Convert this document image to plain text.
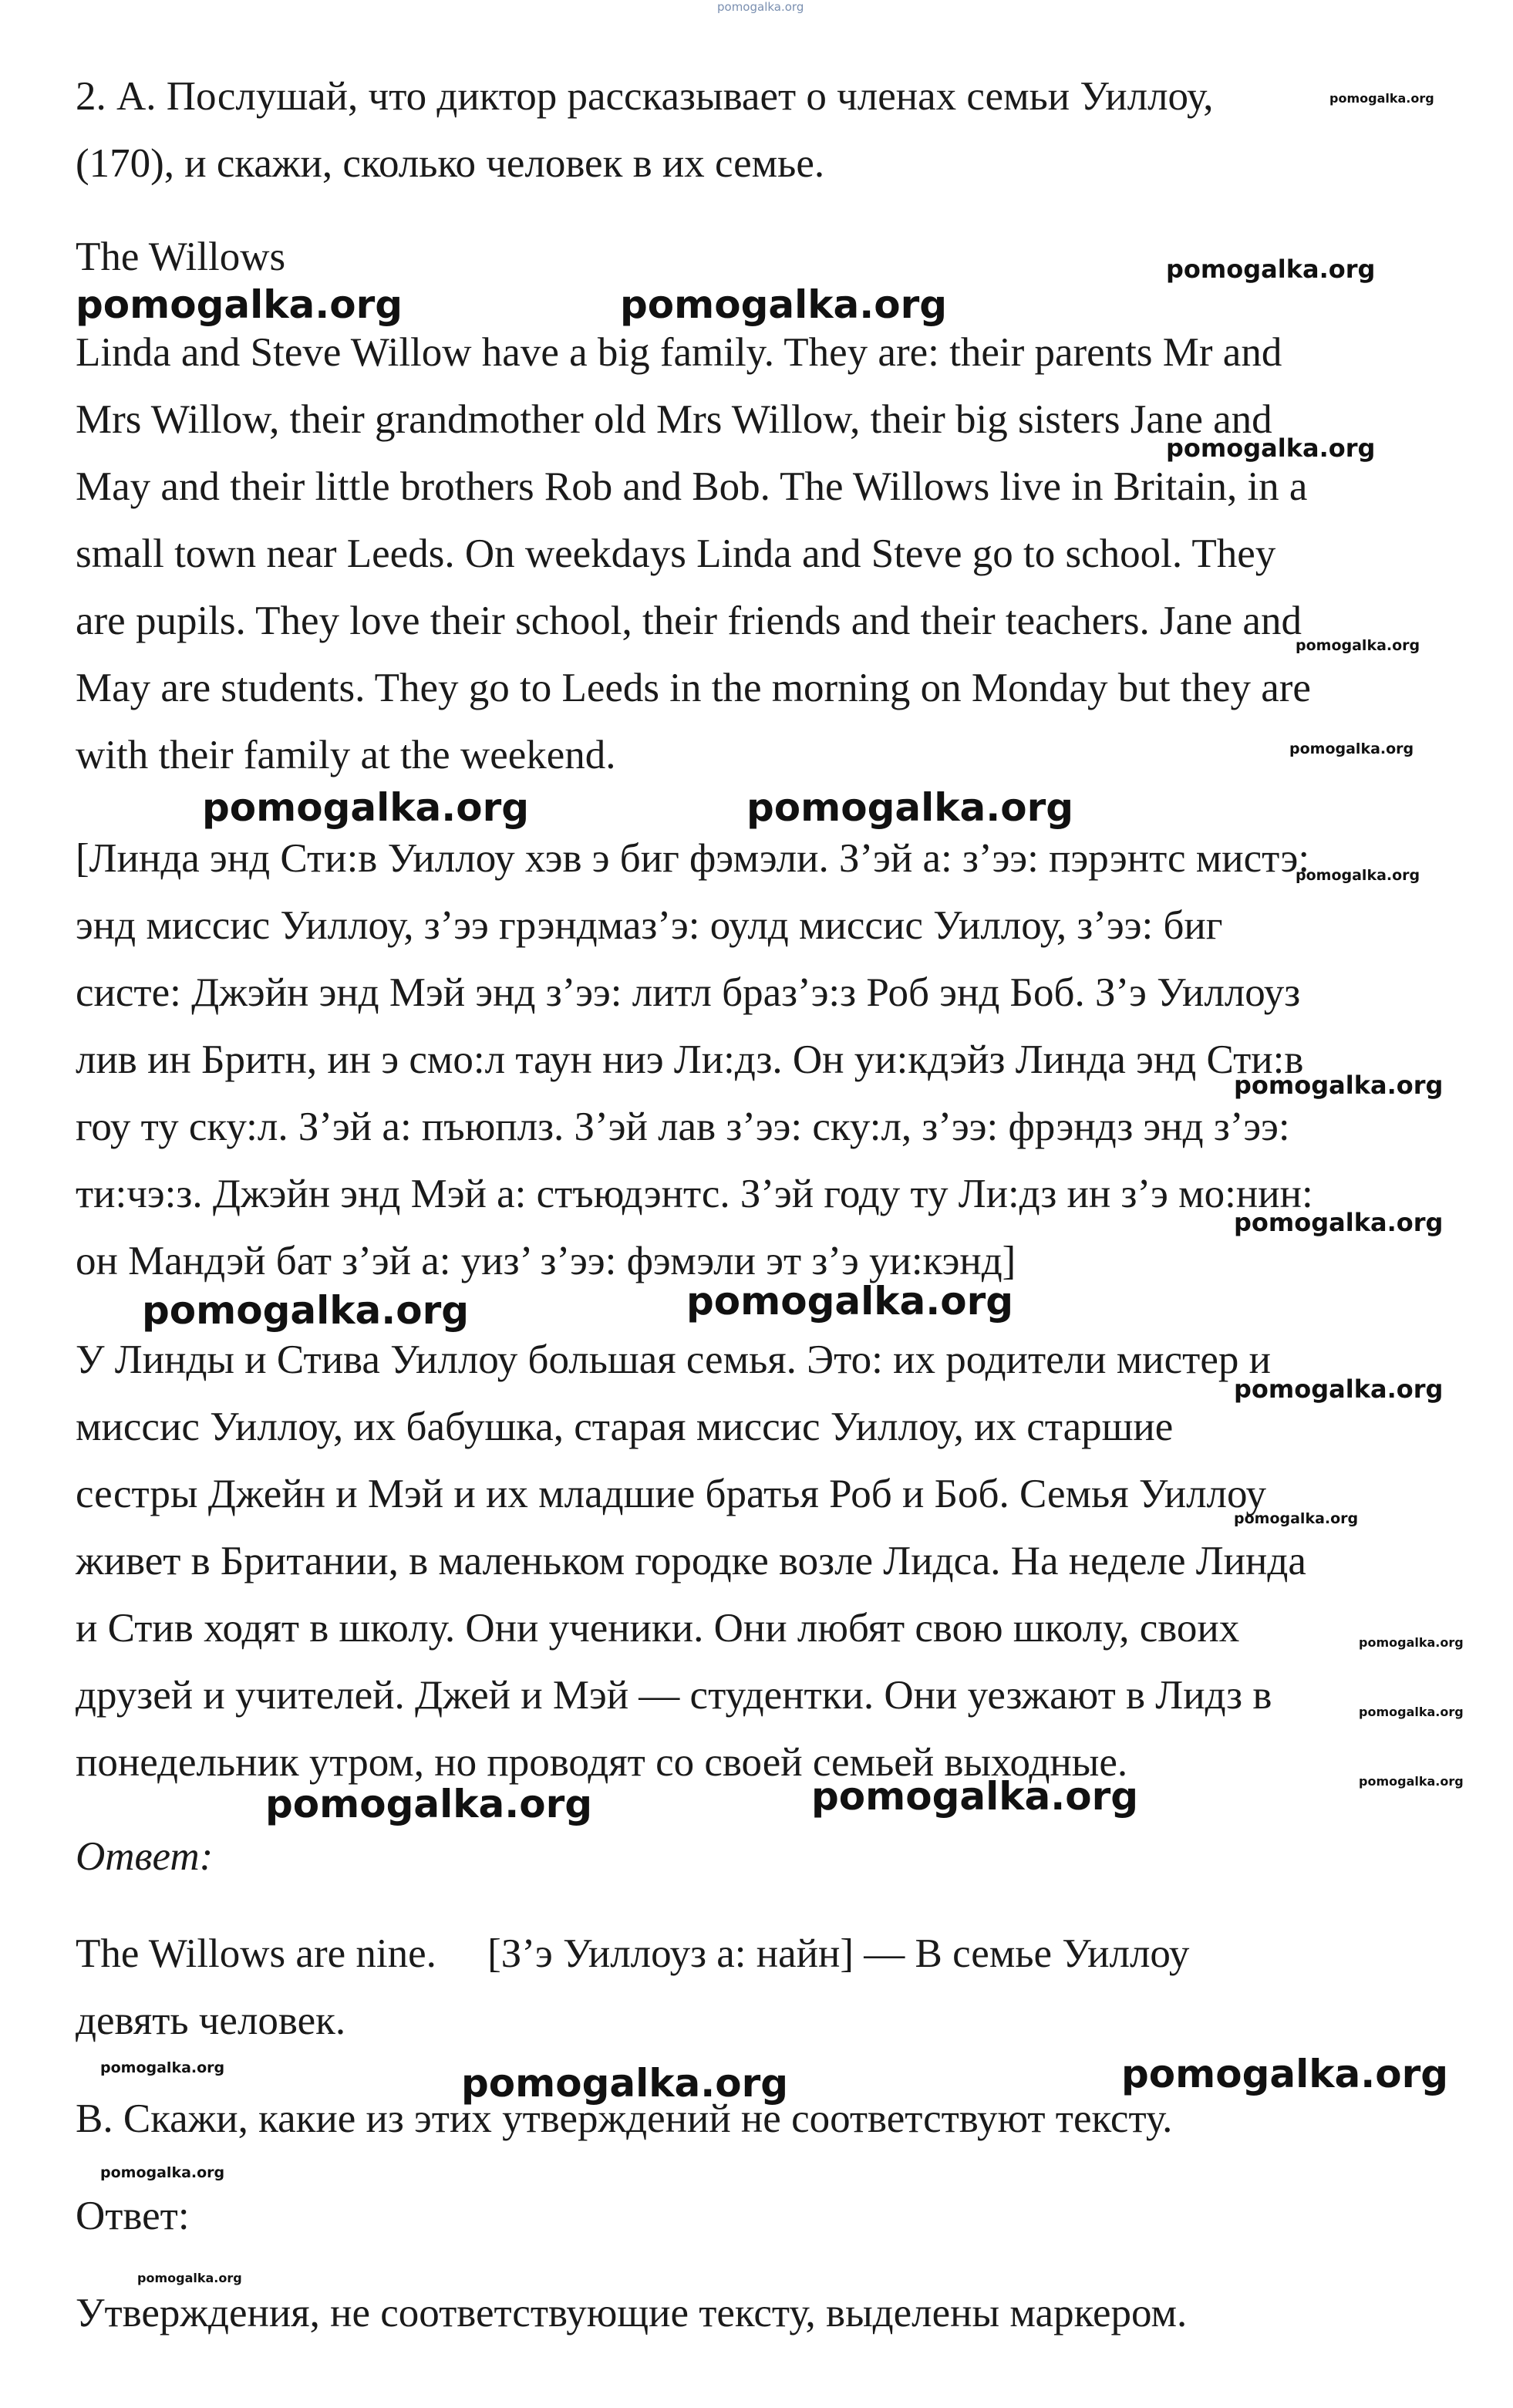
pomogalka.org
2. А. Послушай, что диктор рассказывает о членах семьи Уиллоу,
(170), и скажи, сколько человек в их семье.
The Willows
Linda and Steve Willow have a big family. They are: their parents Mr and
Mrs Willow, their grandmother old Mrs Willow, their big sisters Jane and
May and their little brothers Rob and Bob. The Willows live in Britain, in a
small town near Leeds. On weekdays Linda and Steve go to school. They
are pupils. They love their school, their friends and their teachers. Jane and
May are students. They go to Leeds in the morning on Monday but they are
with their family at the weekend.
[Линда энд Сти:в Уиллоу хэв э биг фэмэли. З’эй а: з’ээ: пэрэнтс мистэ:
энд миссис Уиллоу, з’ээ грэндмаз’э: оулд миссис Уиллоу, з’ээ: биг
систе: Джэйн энд Мэй энд з’ээ: литл браз’э:з Роб энд Боб. З’э Уиллоуз
лив ин Бритн, ин э смо:л таун ниэ Ли:дз. Он уи:кдэйз Линда энд Сти:в
гоу ту ску:л. З’эй а: пъюплз. З’эй лав з’ээ: ску:л, з’ээ: фрэндз энд з’ээ:
ти:чэ:з. Джэйн энд Мэй а: стъюдэнтс. З’эй году ту Ли:дз ин з’э мо:нин:
он Мандэй бат з’эй а: уиз’ з’ээ: фэмэли эт з’э уи:кэнд]
У Линды и Стива Уиллоу большая семья. Это: их родители мистер и
миссис Уиллоу, их бабушка, старая миссис Уиллоу, их старшие
сестры Джейн и Мэй и их младшие братья Роб и Боб. Семья Уиллоу
живет в Британии, в маленьком городке возле Лидса. На неделе Линда
и Стив ходят в школу. Они ученики. Они любят свою школу, своих
друзей и учителей. Джей и Мэй — студентки. Они уезжают в Лидз в
понедельник утром, но проводят со своей семьей выходные.
Ответ:
The Willows are nine.     [З’э Уиллоуз а: найн] — В семье Уиллоу
девять человек.
В. Скажи, какие из этих утверждений не соответствуют тексту.
Ответ:
Утверждения, не соответствующие тексту, выделены маркером.
pomogalka.org
pomogalka.org	pomogalka.org
pomogalka.org
pomogalka.org
pomogalka.org
pomogalka.org
pomogalka.org	pomogalka.org
pomogalka.org
pomogalka.org
pomogalka.org
pomogalka.org	pomogalka.org
pomogalka.org
pomogalka.org
pomogalka.org
pomogalka.org
pomogalka.org
pomogalka.org	pomogalka.org
pomogalka.org	pomogalka.org	pomogalka.org
pomogalka.org
pomogalka.org
